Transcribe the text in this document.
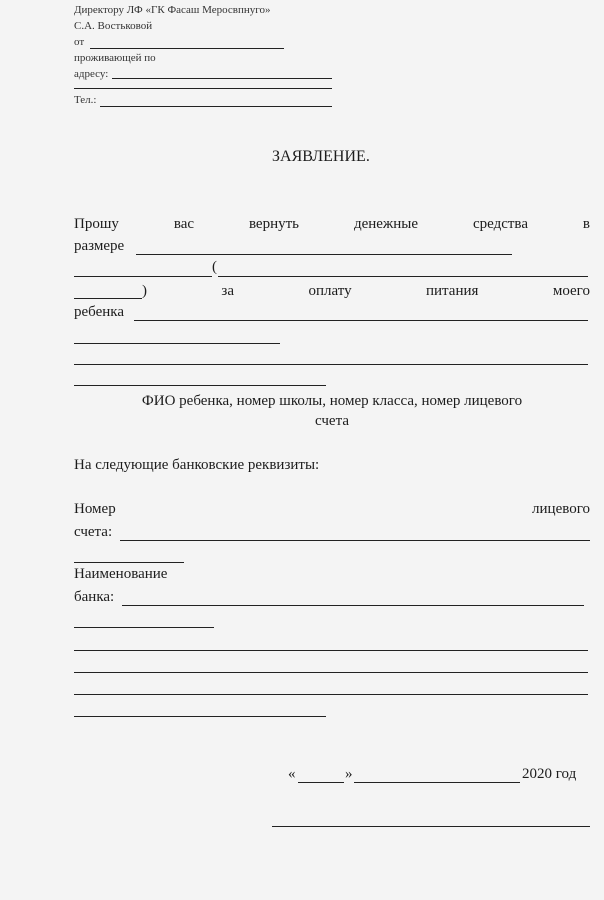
Директору ЛФ «ГК Фасаш Меросвпнуго»
С.А. Востьковой
от
проживающей по
адресу:
Тел.:
ЗАЯВЛЕНИЕ.
Прошу	вас	вернуть	денежные	средства	в
размере
(
)	за	оплату	питания	моего
ребенка
ФИО ребенка, номер школы, номер класса, номер лицевого
счета
На следующие банковские реквизиты:
Номер	лицевого
счета:
Наименование
банка:
«	»	2020 год
